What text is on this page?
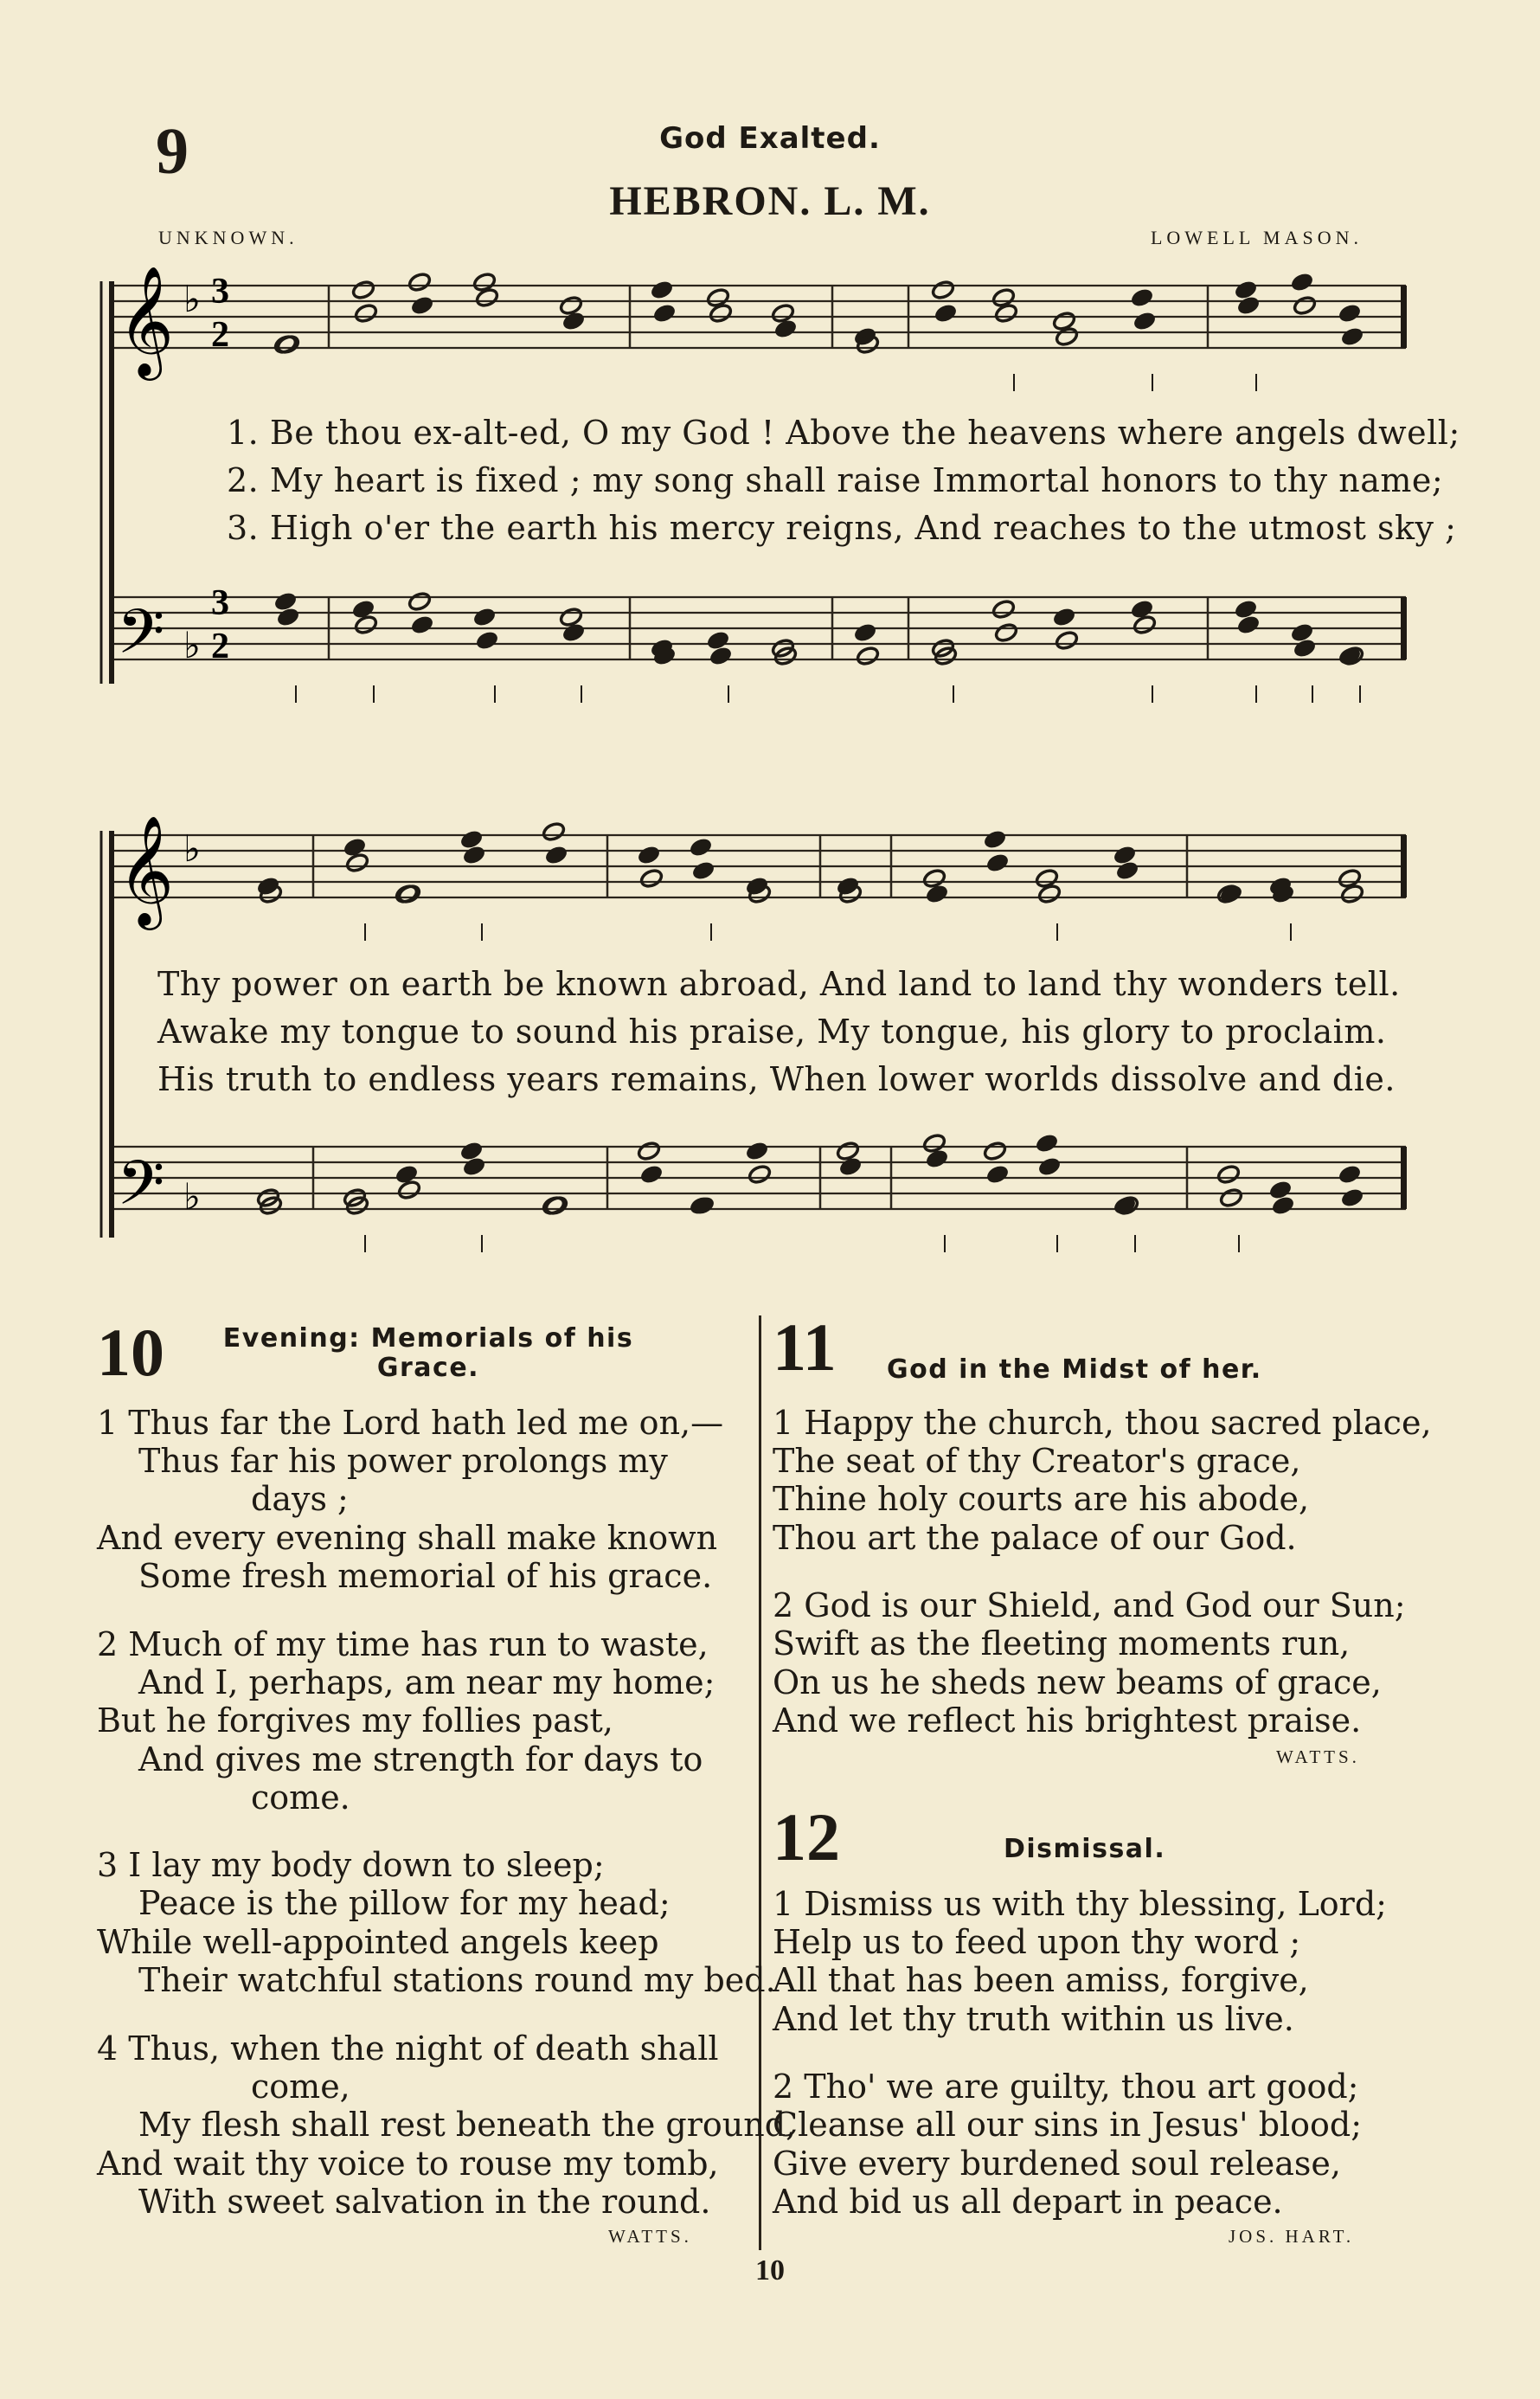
9	God Exalted.
HEBRON. L. M.
UNKNOWN.	LOWELL MASON.
𝄞
𝄢
♭
♭
3
2
3
2
1. Be thou ex-alt-ed, O my God ! Above the heavens where angels dwell;
2. My heart is fixed ; my song shall raise Immortal honors to thy name;
3. High o'er the earth his mercy reigns, And reaches to the utmost sky ;
𝄞
𝄢
♭
♭
Thy power on earth be known abroad, And land to land thy wonders tell.
Awake my tongue to sound his praise, My tongue, his glory to proclaim.
His truth to endless years remains, When lower worlds dissolve and die.
10	Evening: Memorials of his
Grace.
1 Thus far the Lord hath led me on,—
Thus far his power prolongs my
days ;
And every evening shall make known
Some fresh memorial of his grace.
2 Much of my time has run to waste,
And I, perhaps, am near my home;
But he forgives my follies past,
And gives me strength for days to
come.
3 I lay my body down to sleep;
Peace is the pillow for my head;
While well-appointed angels keep
Their watchful stations round my bed.
4 Thus, when the night of death shall
come,
My flesh shall rest beneath the ground,
And wait thy voice to rouse my tomb,
With sweet salvation in the round.
WATTS.
11 God in the Midst of her.
1 Happy the church, thou sacred place,
The seat of thy Creator's grace,
Thine holy courts are his abode,
Thou art the palace of our God.
2 God is our Shield, and God our Sun;
Swift as the fleeting moments run,
On us he sheds new beams of grace,
And we reflect his brightest praise.
WATTS.
12	Dismissal.
1 Dismiss us with thy blessing, Lord;
Help us to feed upon thy word ;
All that has been amiss, forgive,
And let thy truth within us live.
2 Tho' we are guilty, thou art good;
Cleanse all our sins in Jesus' blood;
Give every burdened soul release,
And bid us all depart in peace.
JOS. HART.
10
